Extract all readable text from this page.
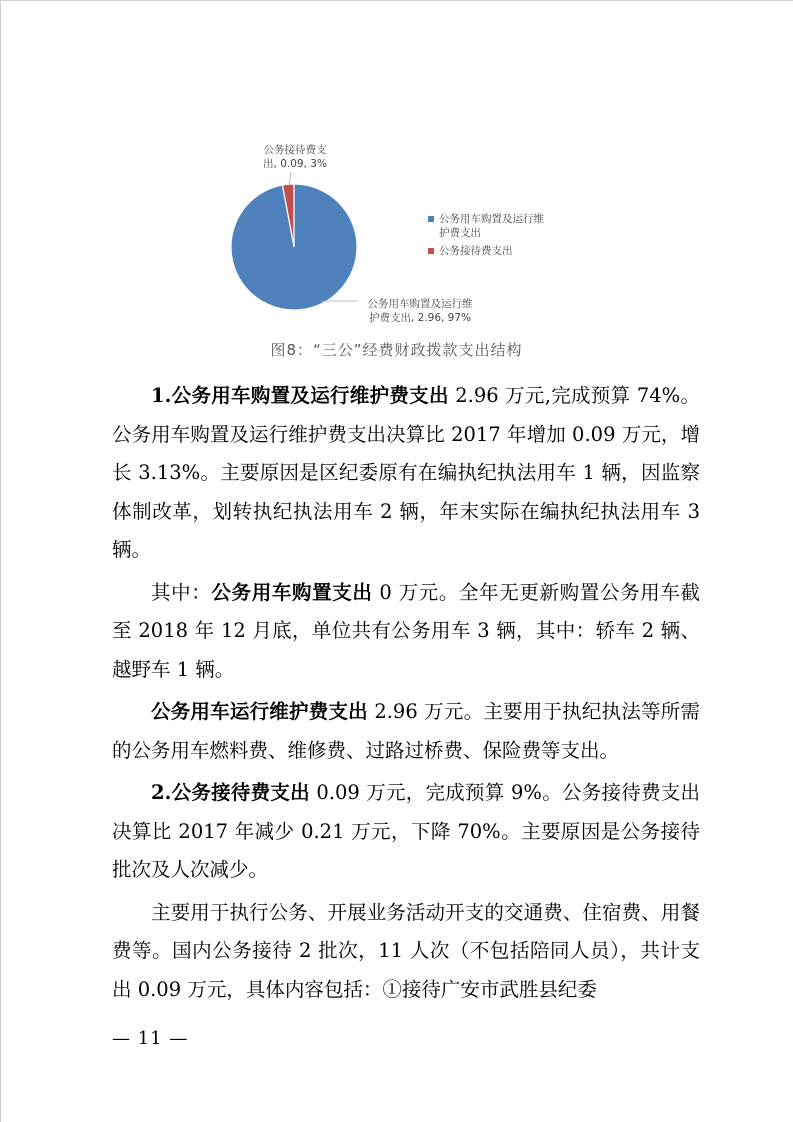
公务接待费支
出, 0.09, 3%
公务用车购置及运行维
护费支出, 2.96, 97%
公务用车购置及运行维
护费支出
公务接待费支出
图8：“三公”经费财政拨款支出结构

1.公务用车购置及运行维护费支出 2.96 万元,完成预算 74%。公务用车购置及运行维护费支出决算比 2017 年增加 0.09 万元，增长 3.13%。主要原因是区纪委原有在编执纪执法用车 1 辆，因监察体制改革，划转执纪执法用车 2 辆，年末实际在编执纪执法用车 3 辆。

其中：公务用车购置支出 0 万元。全年无更新购置公务用车截至 2018 年 12 月底，单位共有公务用车 3 辆，其中：轿车 2 辆、越野车 1 辆。

公务用车运行维护费支出 2.96 万元。主要用于执纪执法等所需的公务用车燃料费、维修费、过路过桥费、保险费等支出。

2.公务接待费支出 0.09 万元，完成预算 9%。公务接待费支出决算比 2017 年减少 0.21 万元，下降 70%。主要原因是公务接待批次及人次减少。

主要用于执行公务、开展业务活动开支的交通费、住宿费、用餐费等。国内公务接待 2 批次，11 人次（不包括陪同人员），共计支出 0.09 万元，具体内容包括：①接待广安市武胜县纪委

— 11 —
